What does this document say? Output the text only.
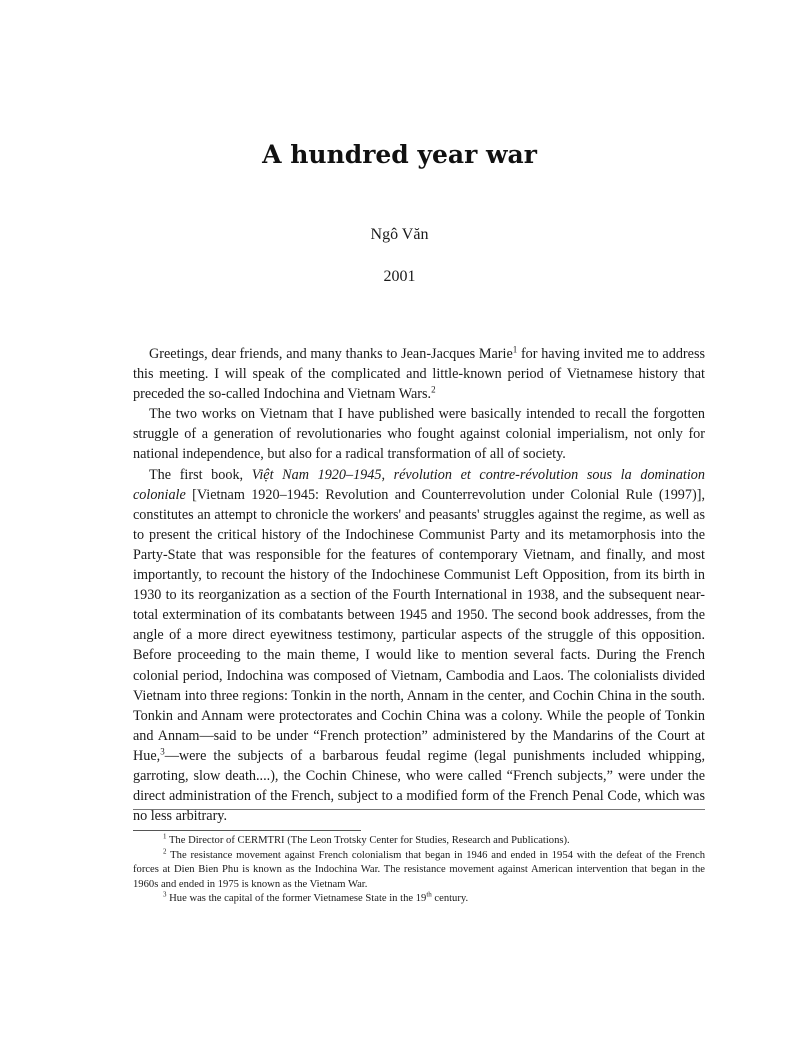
A hundred year war
Ngô Văn
2001

Greetings, dear friends, and many thanks to Jean-Jacques Marie$^1$ for having invited me to address this meeting. I will speak of the complicated and little-known period of Vietnamese history that preceded the so-called Indochina and Vietnam Wars.$^2$

The two works on Vietnam that I have published were basically intended to recall the forgotten struggle of a generation of revolutionaries who fought against colonial imperialism, not only for national independence, but also for a radical transformation of all of society.

The first book, Việt Nam 1920–1945, révolution et contre-révolution sous la domination coloniale [Vietnam 1920–1945: Revolution and Counterrevolution under Colonial Rule (1997)], constitutes an attempt to chronicle the workers' and peasants' struggles against the regime, as well as to present the critical history of the Indochinese Communist Party and its metamorphosis into the Party-State that was responsible for the features of contemporary Vietnam, and finally, and most importantly, to recount the history of the Indochinese Communist Left Opposition, from its birth in 1930 to its reorganization as a section of the Fourth International in 1938, and the subsequent near-total extermination of its combatants between 1945 and 1950. The second book addresses, from the angle of a more direct eyewitness testimony, particular aspects of the struggle of this opposition. Before proceeding to the main theme, I would like to mention several facts. During the French colonial period, Indochina was composed of Vietnam, Cambodia and Laos. The colonialists divided Vietnam into three regions: Tonkin in the north, Annam in the center, and Cochin China in the south. Tonkin and Annam were protectorates and Cochin China was a colony. While the people of Tonkin and Annam—said to be under “French protection” administered by the Mandarins of the Court at Hue,$^3$—were the subjects of a barbarous feudal regime (legal punishments included whipping, garroting, slow death....), the Cochin Chinese, who were called “French subjects,” were under the direct administration of the French, subject to a modified form of the French Penal Code, which was no less arbitrary.

$^1$ The Director of CERMTRI (The Leon Trotsky Center for Studies, Research and Publications).

$^2$ The resistance movement against French colonialism that began in 1946 and ended in 1954 with the defeat of the French forces at Dien Bien Phu is known as the Indochina War. The resistance movement against American intervention that began in the 1960s and ended in 1975 is known as the Vietnam War.

$^3$ Hue was the capital of the former Vietnamese State in the 19th century.
